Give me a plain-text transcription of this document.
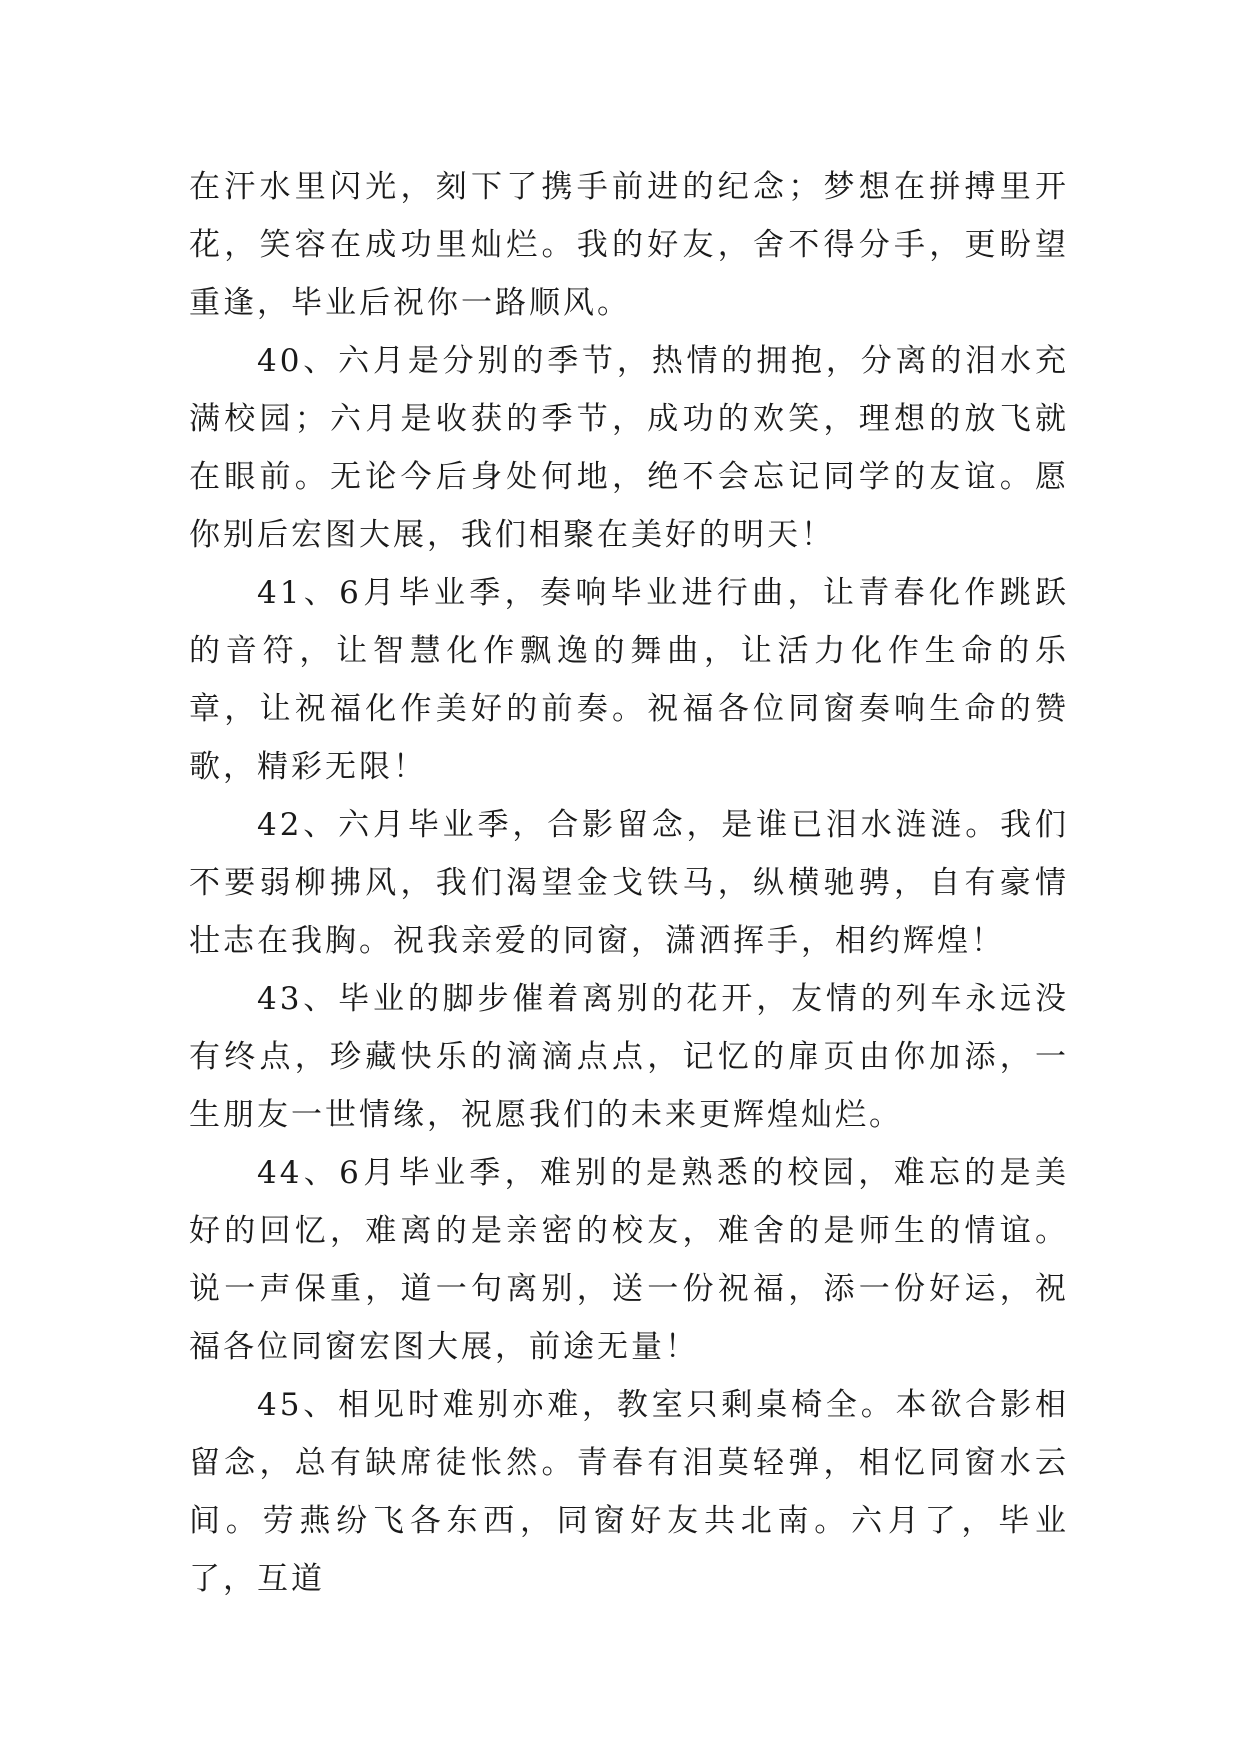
在汗水里闪光，刻下了携手前进的纪念；梦想在拼搏里开花，笑容在成功里灿烂。我的好友，舍不得分手，更盼望重逢，毕业后祝你一路顺风。

40、六月是分别的季节，热情的拥抱，分离的泪水充满校园；六月是收获的季节，成功的欢笑，理想的放飞就在眼前。无论今后身处何地，绝不会忘记同学的友谊。愿你别后宏图大展，我们相聚在美好的明天！

41、6月毕业季，奏响毕业进行曲，让青春化作跳跃的音符，让智慧化作飘逸的舞曲，让活力化作生命的乐章，让祝福化作美好的前奏。祝福各位同窗奏响生命的赞歌，精彩无限！

42、六月毕业季，合影留念，是谁已泪水涟涟。我们不要弱柳拂风，我们渴望金戈铁马，纵横驰骋，自有豪情壮志在我胸。祝我亲爱的同窗，潇洒挥手，相约辉煌！

43、毕业的脚步催着离别的花开，友情的列车永远没有终点，珍藏快乐的滴滴点点，记忆的扉页由你加添，一生朋友一世情缘，祝愿我们的未来更辉煌灿烂。

44、6月毕业季，难别的是熟悉的校园，难忘的是美好的回忆，难离的是亲密的校友，难舍的是师生的情谊。说一声保重，道一句离别，送一份祝福，添一份好运，祝福各位同窗宏图大展，前途无量！

45、相见时难别亦难，教室只剩桌椅全。本欲合影相留念，总有缺席徒怅然。青春有泪莫轻弹，相忆同窗水云间。劳燕纷飞各东西，同窗好友共北南。六月了，毕业了，互道
